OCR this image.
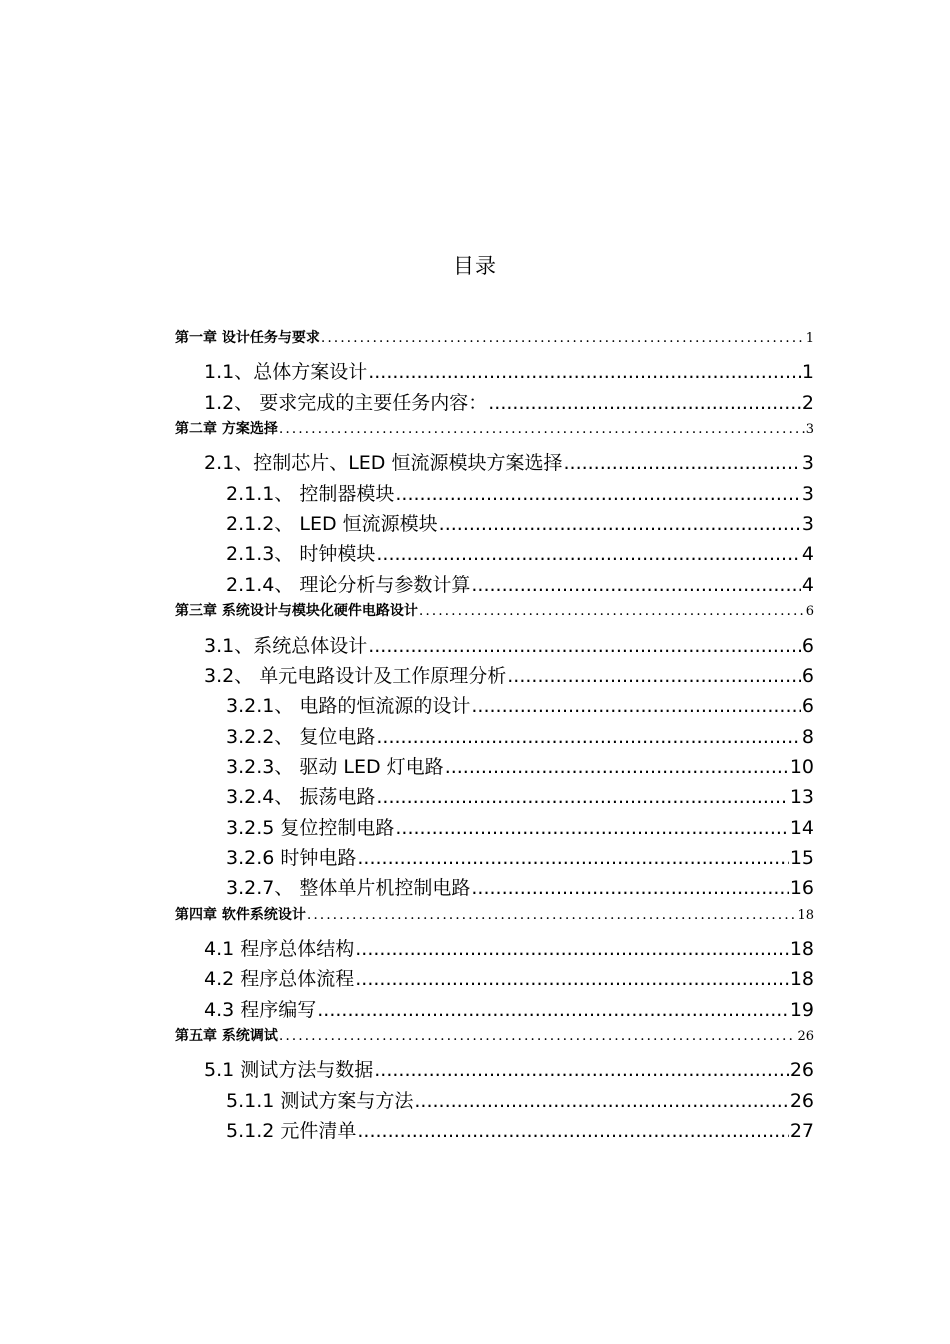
目录
第一章 设计任务与要求 .....	1
1.1、总体方案设计 .....	1
1.2、 要求完成的主要任务内容： .....	2
第二章 方案选择 .....	3
2.1、控制芯片、LED 恒流源模块方案选择 .....	3
2.1.1、 控制器模块 .....	3
2.1.2、 LED 恒流源模块 .....	3
2.1.3、 时钟模块 .....	4
2.1.4、 理论分析与参数计算 .....	4
第三章 系统设计与模块化硬件电路设计 .....	6
3.1、系统总体设计 .....	6
3.2、 单元电路设计及工作原理分析 .....	6
3.2.1、 电路的恒流源的设计 .....	6
3.2.2、 复位电路 .....	8
3.2.3、 驱动 LED 灯电路 .....	10
3.2.4、 振荡电路 .....	13
3.2.5 复位控制电路 .....	14
3.2.6 时钟电路 .....	15
3.2.7、 整体单片机控制电路 .....	16
第四章 软件系统设计 .....	18
4.1 程序总体结构 .....	18
4.2 程序总体流程 .....	18
4.3 程序编写 .....	19
第五章 系统调试 .....	26
5.1 测试方法与数据 .....	26
5.1.1 测试方案与方法 .....	26
5.1.2 元件清单 .....	27
